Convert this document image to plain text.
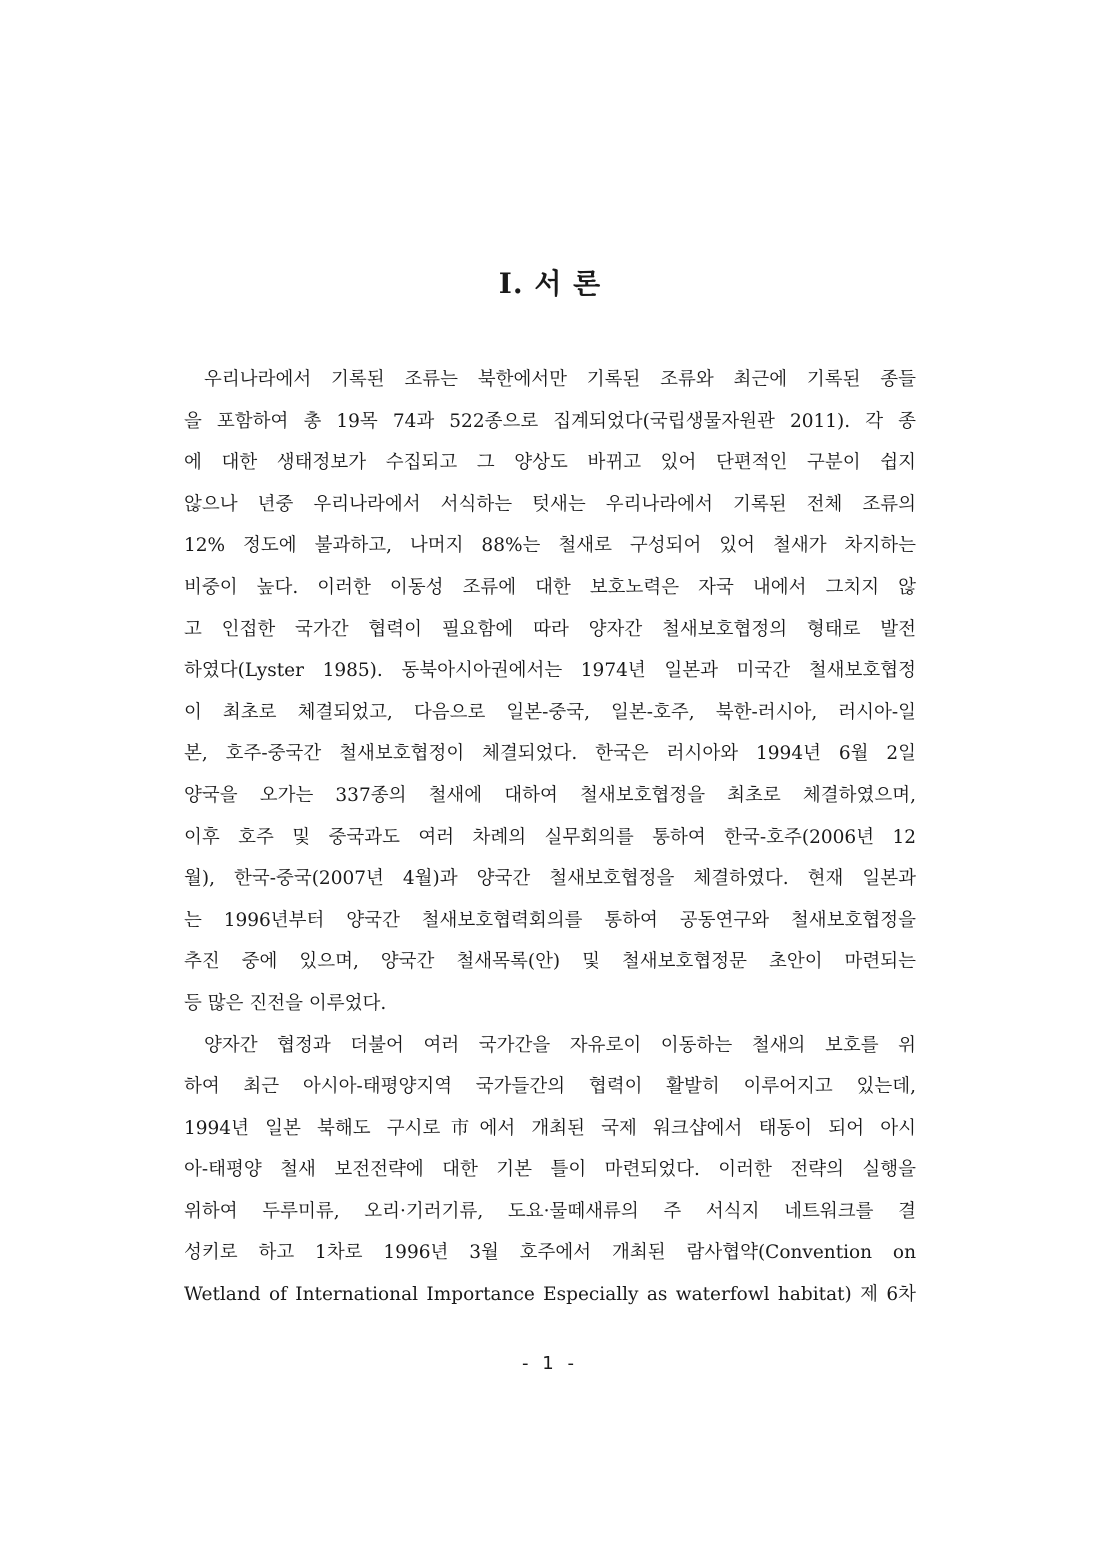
I. 서 론
우리나라에서 기록된 조류는 북한에서만 기록된 조류와 최근에 기록된 종들
을 포함하여 총 19목 74과 522종으로 집계되었다(국립생물자원관 2011). 각 종
에 대한 생태정보가 수집되고 그 양상도 바뀌고 있어 단편적인 구분이 쉽지
않으나 년중 우리나라에서 서식하는 텃새는 우리나라에서 기록된 전체 조류의
12% 정도에 불과하고, 나머지 88%는 철새로 구성되어 있어 철새가 차지하는
비중이 높다. 이러한 이동성 조류에 대한 보호노력은 자국 내에서 그치지 않
고 인접한 국가간 협력이 필요함에 따라 양자간 철새보호협정의 형태로 발전
하였다(Lyster 1985). 동북아시아권에서는 1974년 일본과 미국간 철새보호협정
이 최초로 체결되었고, 다음으로 일본-중국, 일본-호주, 북한-러시아, 러시아-일
본, 호주-중국간 철새보호협정이 체결되었다. 한국은 러시아와 1994년 6월 2일
양국을 오가는 337종의 철새에 대하여 철새보호협정을 최초로 체결하였으며,
이후 호주 및 중국과도 여러 차례의 실무회의를 통하여 한국-호주(2006년 12
월), 한국-중국(2007년 4월)과 양국간 철새보호협정을 체결하였다. 현재 일본과
는 1996년부터 양국간 철새보호협력회의를 통하여 공동연구와 철새보호협정을
추진 중에 있으며, 양국간 철새목록(안) 및 철새보호협정문 초안이 마련되는
등 많은 진전을 이루었다.
양자간 협정과 더불어 여러 국가간을 자유로이 이동하는 철새의 보호를 위
하여 최근 아시아-태평양지역 국가들간의 협력이 활발히 이루어지고 있는데,
1994년 일본 북해도 구시로市에서 개최된 국제 워크샵에서 태동이 되어 아시
아-태평양 철새 보전전략에 대한 기본 틀이 마련되었다. 이러한 전략의 실행을
위하여 두루미류, 오리·기러기류, 도요·물떼새류의 주 서식지 네트워크를 결
성키로 하고 1차로 1996년 3월 호주에서 개최된 람사협약(Convention on
Wetland of International Importance Especially as waterfowl habitat) 제 6차
- 1 -
